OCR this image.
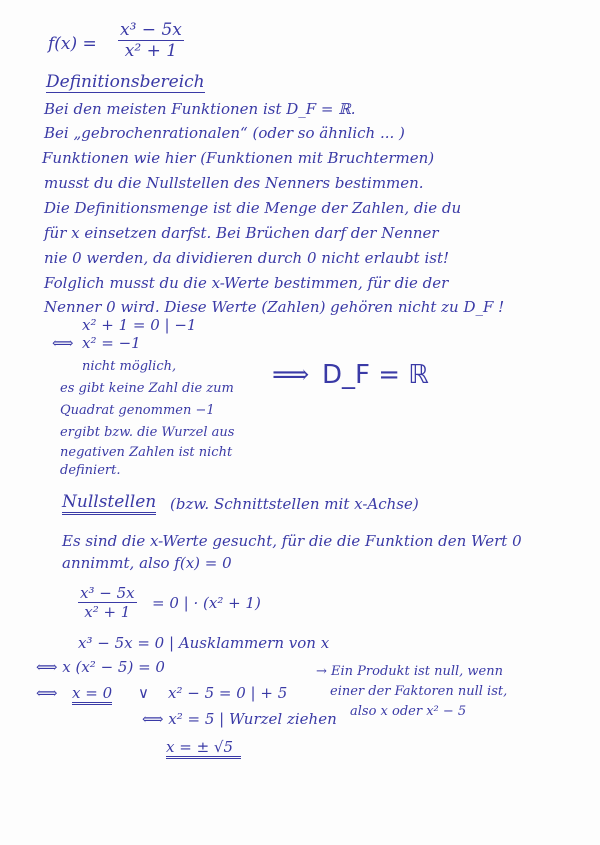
$f(x) = \frac{\text{x³ − 5x}}{\text{x² + 1}}$
Definitionsbereich
Bei den meisten Funktionen ist D_F = ℝ.
Bei „gebrochenrationalen“ (oder so ähnlich ... )
Funktionen wie hier (Funktionen mit Bruchtermen)
musst du die Nullstellen des Nenners bestimmen.
Die Definitionsmenge ist die Menge der Zahlen, die du
für x einsetzen darfst. Bei Brüchen darf der Nenner
nie 0 werden, da dividieren durch 0 nicht erlaubt ist!
Folglich musst du die x-Werte bestimmen, für die der
Nenner 0 wird. Diese Werte (Zahlen) gehören nicht zu D_F !
x² + 1 = 0 | −1
⟺ x² = −1
nicht möglich,
es gibt keine Zahl die zum
Quadrat genommen −1
ergibt bzw. die Wurzel aus
negativen Zahlen ist nicht
definiert.
⟹ D_F = ℝ
Nullstellen (bzw. Schnittstellen mit x-Achse)
Es sind die x-Werte gesucht, für die die Funktion den Wert 0
annimmt, also f(x) = 0
$\frac{\text{x³ − 5x}}{\text{x² + 1}} = 0$ | · (x² + 1)
x³ − 5x = 0 | Ausklammern von x
⟺ x (x² − 5) = 0
⟺ x = 0 ∨ x² − 5 = 0 | + 5
→ Ein Produkt ist null, wenn
einer der Faktoren null ist,
also x oder x² − 5
⟺ x² = 5 | Wurzel ziehen
x = ± √5
